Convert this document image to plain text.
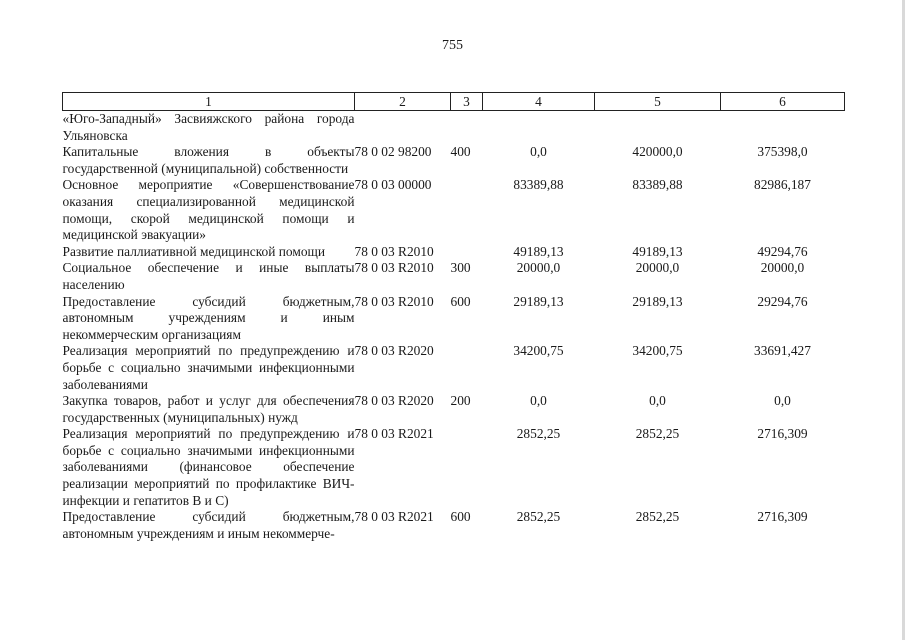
755
1	2	3	4	5	6
«Юго-Западный» Засвияжского района города Ульяновска					
Капитальные вложения в объекты государственной (муниципальной) собственности	78 0 02 98200	400	0,0	420000,0	375398,0
Основное мероприятие «Совершенствование оказания специализированной медицинской помощи, скорой медицинской помощи и медицинской эвакуации»	78 0 03 00000		83389,88	83389,88	82986,187
Развитие паллиативной медицинской помощи	78 0 03 R2010		49189,13	49189,13	49294,76
Социальное обеспечение и иные выплаты населению	78 0 03 R2010	300	20000,0	20000,0	20000,0
Предоставление субсидий бюджетным, автономным учреждениям и иным некоммерческим организациям	78 0 03 R2010	600	29189,13	29189,13	29294,76
Реализация мероприятий по предупреждению и борьбе с социально значимыми инфекционными заболеваниями	78 0 03 R2020		34200,75	34200,75	33691,427
Закупка товаров, работ и услуг для обеспечения государственных (муниципальных) нужд	78 0 03 R2020	200	0,0	0,0	0,0
Реализация мероприятий по предупреждению и борьбе с социально значимыми инфекционными заболеваниями (финансовое обеспечение реализации мероприятий по профилактике ВИЧ-инфекции и гепатитов В и С)	78 0 03 R2021		2852,25	2852,25	2716,309
Предоставление субсидий бюджетным, автономным учреждениям и иным некоммерче-	78 0 03 R2021	600	2852,25	2852,25	2716,309
